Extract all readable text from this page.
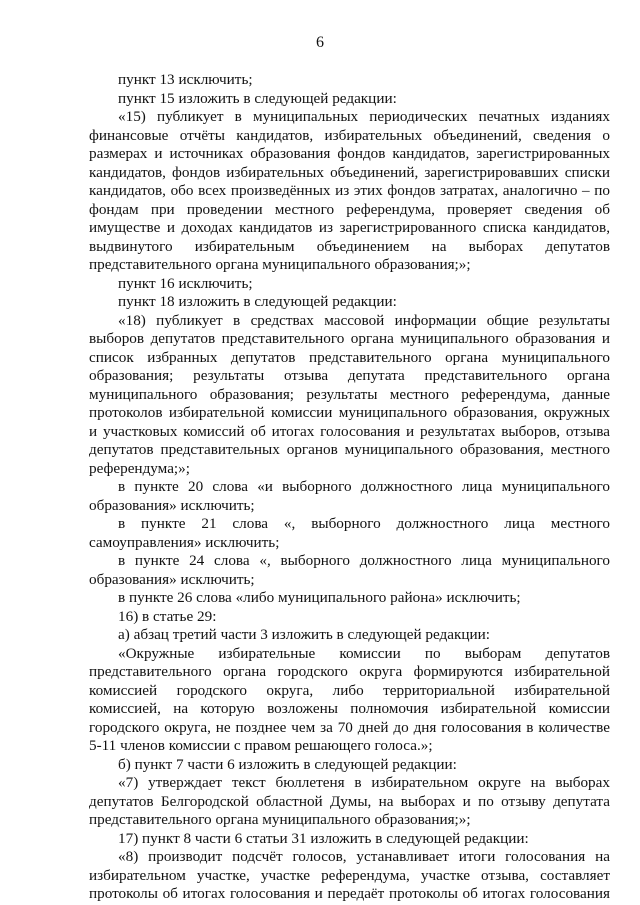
6
пункт 13 исключить;
пункт 15 изложить в следующей редакции:
«15) публикует в муниципальных периодических печатных изданиях
финансовые отчёты кандидатов, избирательных объединений, сведения о
размерах и источниках образования фондов кандидатов, зарегистрированных
кандидатов, фондов избирательных объединений, зарегистрировавших списки
кандидатов, обо всех произведённых из этих фондов затратах, аналогично – по
фондам при проведении местного референдума, проверяет сведения об
имуществе и доходах кандидатов из зарегистрированного списка кандидатов,
выдвинутого избирательным объединением на выборах депутатов
представительного органа муниципального образования;»;
пункт 16 исключить;
пункт 18 изложить в следующей редакции:
«18) публикует в средствах массовой информации общие результаты
выборов депутатов представительного органа муниципального образования и
список избранных депутатов представительного органа муниципального
образования; результаты отзыва депутата представительного органа
муниципального образования; результаты местного референдума, данные
протоколов избирательной комиссии муниципального образования, окружных
и участковых комиссий об итогах голосования и результатах выборов, отзыва
депутатов представительных органов муниципального образования, местного
референдума;»;
в пункте 20 слова «и выборного должностного лица муниципального
образования» исключить;
в пункте 21 слова «, выборного должностного лица местного
самоуправления» исключить;
в пункте 24 слова «, выборного должностного лица муниципального
образования» исключить;
в пункте 26 слова «либо муниципального района» исключить;
16) в статье 29:
а) абзац третий части 3 изложить в следующей редакции:
«Окружные избирательные комиссии по выборам депутатов
представительного органа городского округа формируются избирательной
комиссией городского округа, либо территориальной избирательной
комиссией, на которую возложены полномочия избирательной комиссии
городского округа, не позднее чем за 70 дней до дня голосования в количестве
5-11 членов комиссии с правом решающего голоса.»;
б) пункт 7 части 6 изложить в следующей редакции:
«7) утверждает текст бюллетеня в избирательном округе на выборах
депутатов Белгородской областной Думы, на выборах и по отзыву депутата
представительного органа муниципального образования;»;
17) пункт 8 части 6 статьи 31 изложить в следующей редакции:
«8) производит подсчёт голосов, устанавливает итоги голосования на
избирательном участке, участке референдума, участке отзыва, составляет
протоколы об итогах голосования и передаёт протоколы об итогах голосования
